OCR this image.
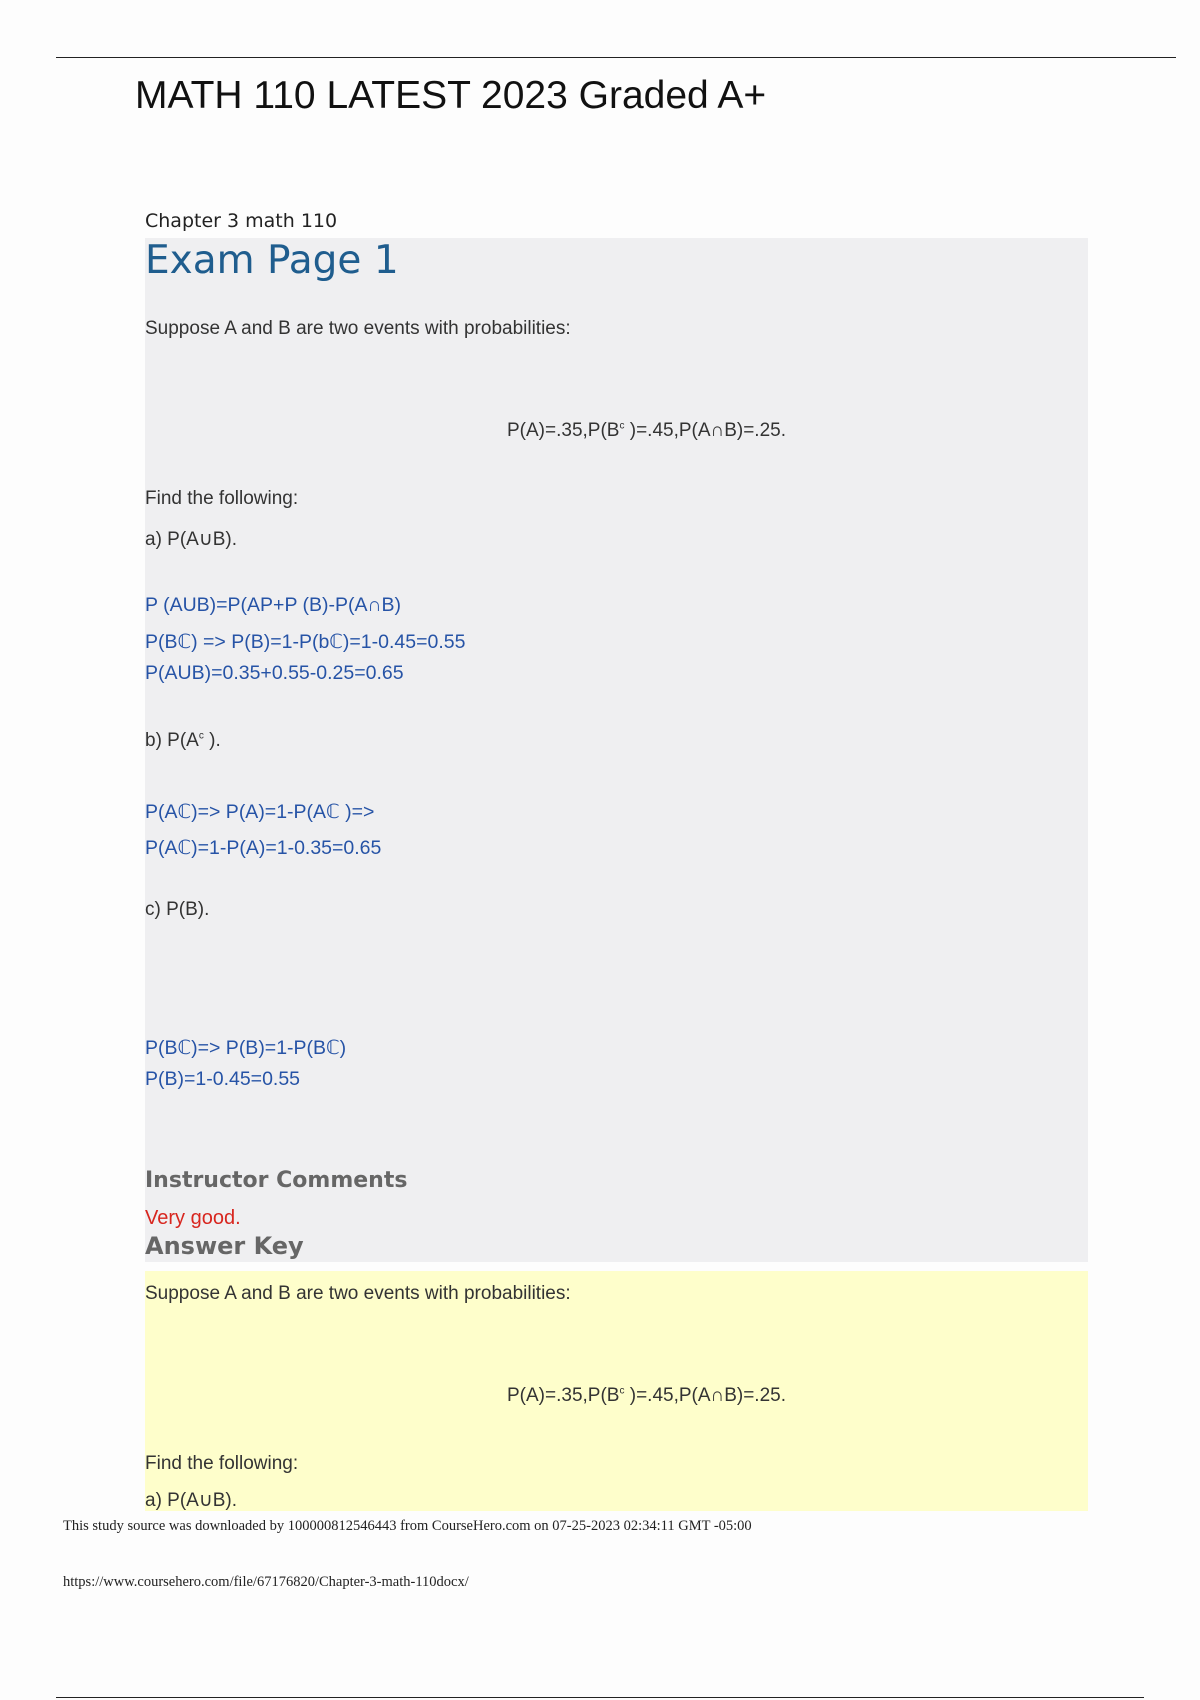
MATH 110 LATEST 2023 Graded A+
Chapter 3 math 110
Exam Page 1
Suppose A and B are two events with probabilities:
$P(A)=.35,P(B^c$ )=.45,P(A∩B)=.25.
Find the following:
a) P(A∪B).
P (AUB)=P(AP+P (B)-P(A∩B)
P(Bℂ) => P(B)=1-P(bℂ)=1-0.45=0.55
P(AUB)=0.35+0.55-0.25=0.65
b) $P(A^c$ ).
P(Aℂ)=> P(A)=1-P(Aℂ )=>
P(Aℂ)=1-P(A)=1-0.35=0.65
c) P(B).
P(Bℂ)=> P(B)=1-P(Bℂ)
P(B)=1-0.45=0.55
Instructor Comments
Very good.
Answer Key
Suppose A and B are two events with probabilities:
$P(A)=.35,P(B^c$ )=.45,P(A∩B)=.25.
Find the following:
a) P(A∪B).
This study source was downloaded by 100000812546443 from CourseHero.com on 07-25-2023 02:34:11 GMT -05:00
https://www.coursehero.com/file/67176820/Chapter-3-math-110docx/
